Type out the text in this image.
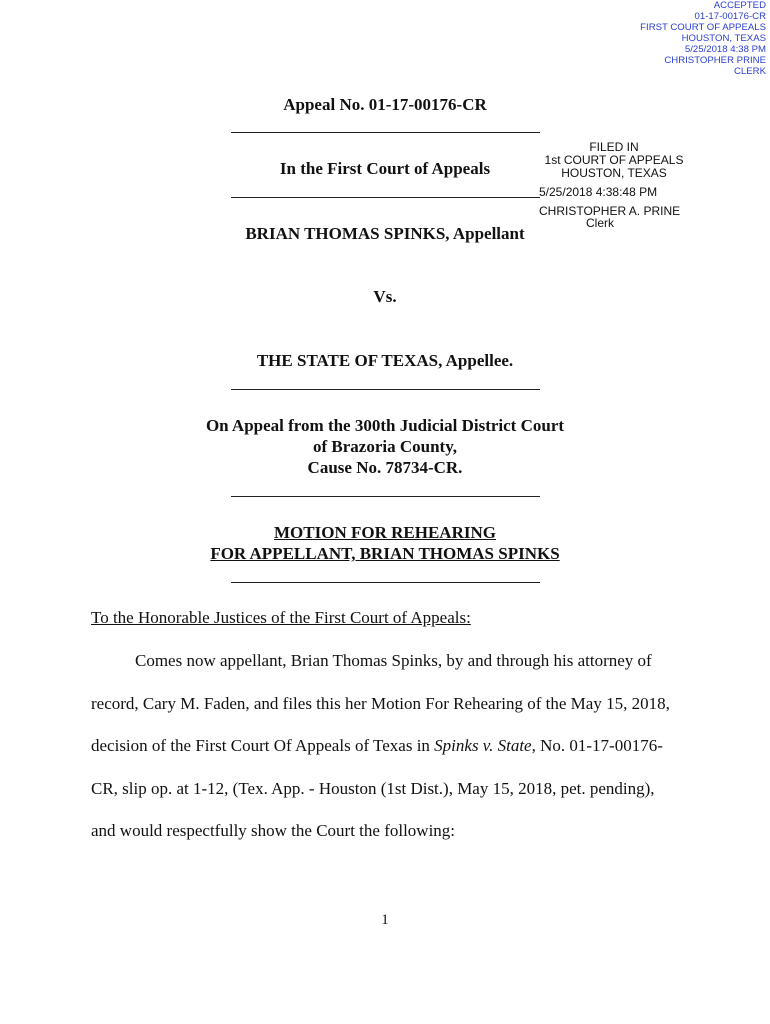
ACCEPTED
01-17-00176-CR
FIRST COURT OF APPEALS
HOUSTON, TEXAS
5/25/2018 4:38 PM
CHRISTOPHER PRINE
CLERK
FILED IN
1st COURT OF APPEALS
HOUSTON, TEXAS
5/25/2018 4:38:48 PM
CHRISTOPHER A. PRINE
Clerk
Appeal No. 01-17-00176-CR
In the First Court of Appeals
BRIAN THOMAS SPINKS, Appellant
Vs.
THE STATE OF TEXAS, Appellee.
On Appeal from the 300th Judicial District Court
of Brazoria County,
Cause No. 78734-CR.
MOTION FOR REHEARING
FOR APPELLANT, BRIAN THOMAS SPINKS
To the Honorable Justices of the First Court of Appeals:
Comes now appellant, Brian Thomas Spinks, by and through his attorney of
record, Cary M. Faden, and files this her Motion For Rehearing of the May 15, 2018,
decision of the First Court Of Appeals of Texas in Spinks v. State, No. 01-17-00176-
CR, slip op. at 1-12, (Tex. App. - Houston (1st Dist.), May 15, 2018, pet. pending),
and would respectfully show the Court the following:
1
